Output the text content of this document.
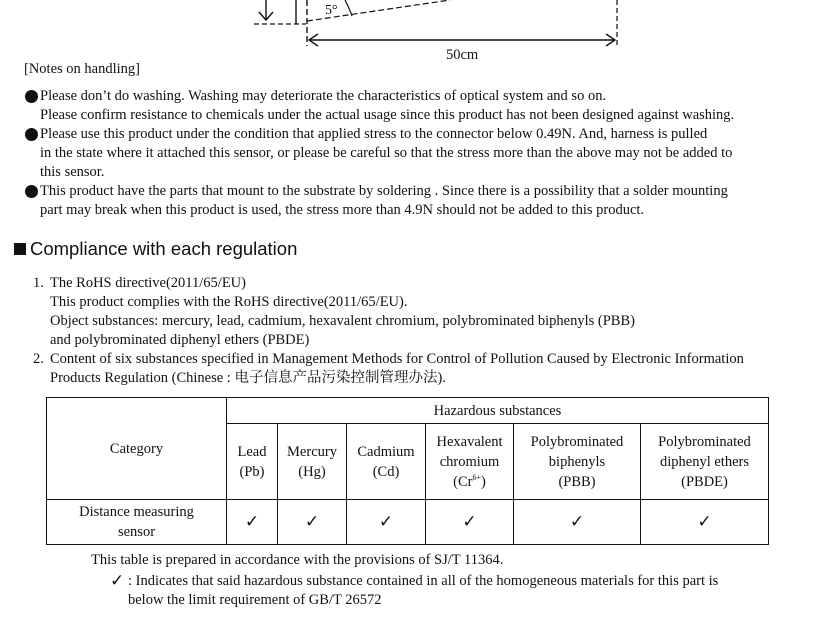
5°
50cm
[Notes on handling]
Please don’t do washing. Washing may deteriorate the characteristics of optical system and so on.
Please confirm resistance to chemicals under the actual usage since this product has not been designed against washing.
Please use this product under the condition that applied stress to the connector below 0.49N. And, harness is pulled
in the state where it attached this sensor, or please be careful so that the stress more than the above may not be added to
this sensor.
This product have the parts that mount to the substrate by soldering . Since there is a possibility that a solder mounting
part may break when this product is used, the stress more than 4.9N should not be added to this product.
Compliance with each regulation
1. The RoHS directive(2011/65/EU)
This product complies with the RoHS directive(2011/65/EU).
Object substances: mercury, lead, cadmium, hexavalent chromium, polybrominated biphenyls (PBB)
and polybrominated diphenyl ethers (PBDE)
2. Content of six substances specified in Management Methods for Control of Pollution Caused by Electronic Information
Products Regulation (Chinese : 电子信息产品污染控制管理办法).
Category	Hazardous substances					
	Lead
(Pb)	Mercury
(Hg)	Cadmium
(Cd)	Hexavalent
chromium
$(Cr^{6+})$	Polybrominated
biphenyls
(PBB)	Polybrominated
diphenyl ethers
(PBDE)
Distance measuring
sensor	✓	✓	✓	✓	✓	✓
This table is prepared in accordance with the provisions of SJ/T 11364.
✓ : Indicates that said hazardous substance contained in all of the homogeneous materials for this part is
below the limit requirement of GB/T 26572
